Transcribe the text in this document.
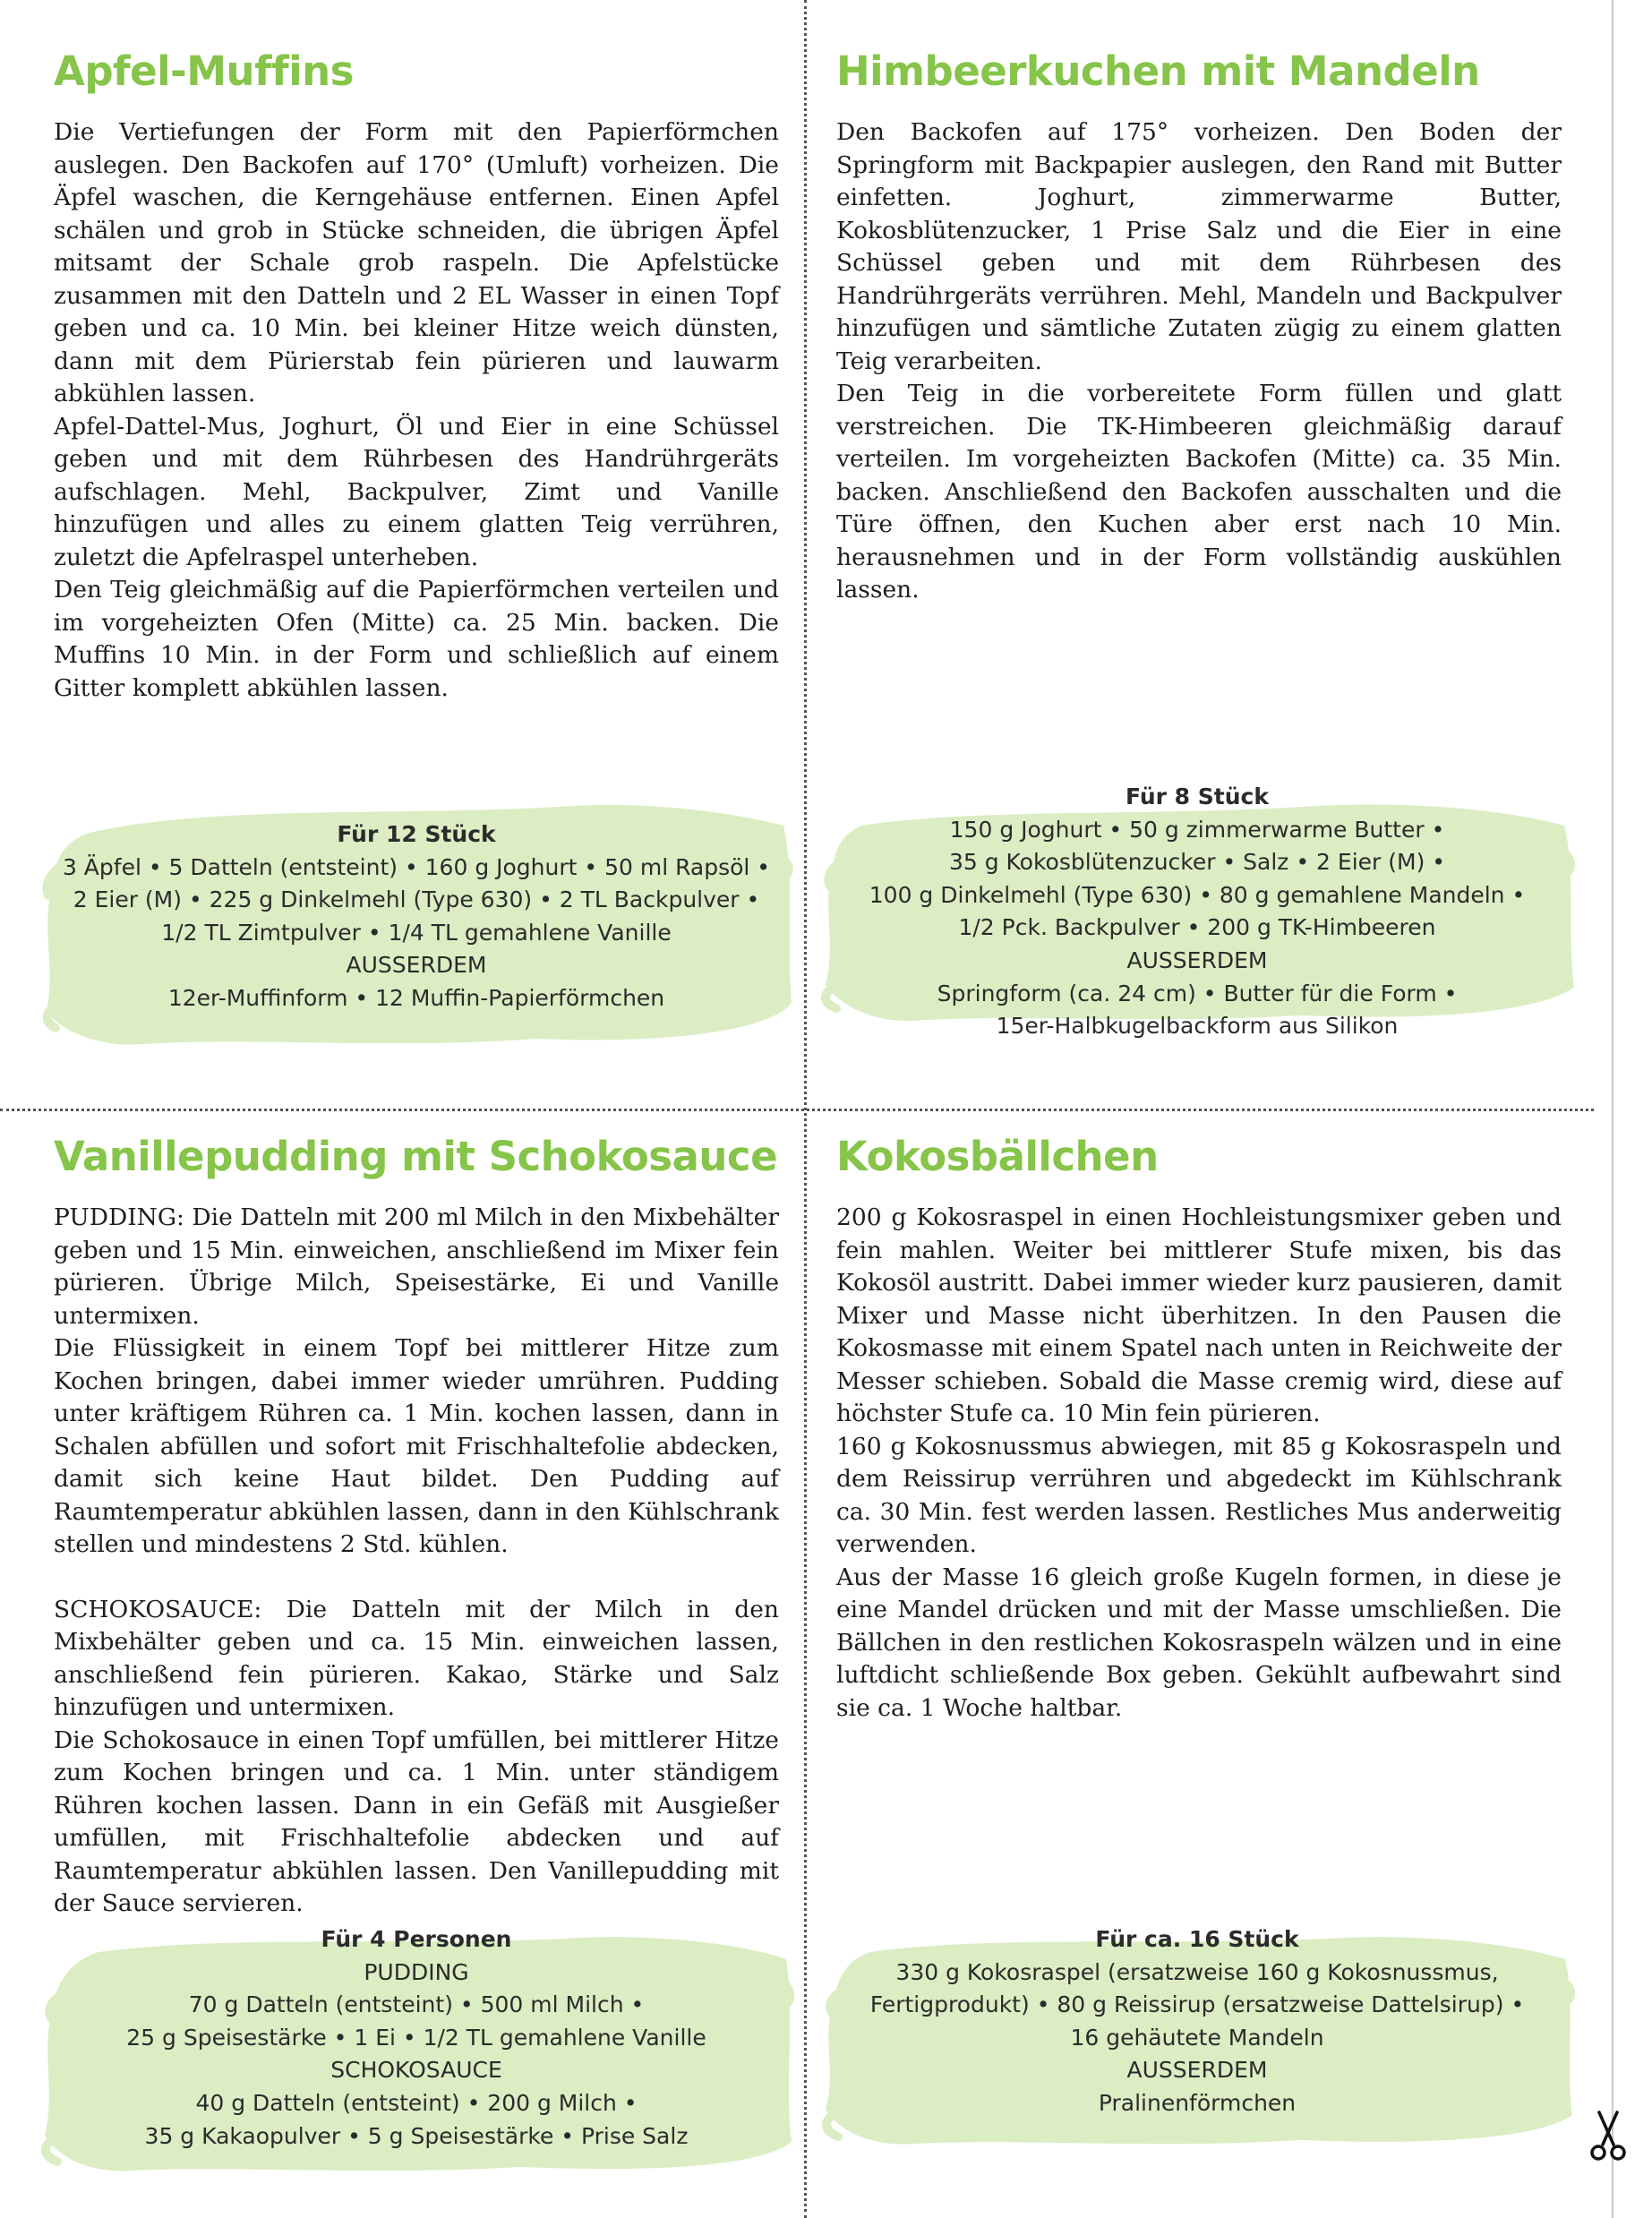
Apfel-Muffins

Die Vertiefungen der Form mit den Papierförmchen auslegen. Den Backofen auf 170° (Umluft) vorheizen. Die Äpfel waschen, die Kerngehäuse entfernen. Einen Apfel schälen und grob in Stücke schneiden, die übrigen Äpfel mitsamt der Schale grob raspeln. Die Apfelstücke zusammen mit den Datteln und 2 EL Wasser in einen Topf geben und ca. 10 Min. bei kleiner Hitze weich dünsten, dann mit dem Pürierstab fein pürieren und lauwarm abkühlen lassen.

Apfel-Dattel-Mus, Joghurt, Öl und Eier in eine Schüssel geben und mit dem Rührbesen des Handrührgeräts aufschlagen. Mehl, Backpulver, Zimt und Vanille hinzufügen und alles zu einem glatten Teig verrühren, zuletzt die Apfelraspel unterheben.

Den Teig gleichmäßig auf die Papierförmchen verteilen und im vorgeheizten Ofen (Mitte) ca. 25 Min. backen. Die Muffins 10 Min. in der Form und schließlich auf einem Gitter komplett abkühlen lassen.

Himbeerkuchen mit Mandeln

Den Backofen auf 175° vorheizen. Den Boden der Springform mit Backpapier auslegen, den Rand mit Butter einfetten. Joghurt, zimmerwarme Butter, Kokosblütenzucker, 1 Prise Salz und die Eier in eine Schüssel geben und mit dem Rührbesen des Handrührgeräts verrühren. Mehl, Mandeln und Backpulver hinzufügen und sämtliche Zutaten zügig zu einem glatten Teig verarbeiten.

Den Teig in die vorbereitete Form füllen und glatt verstreichen. Die TK-Himbeeren gleichmäßig darauf verteilen. Im vorgeheizten Backofen (Mitte) ca. 35 Min. backen. Anschließend den Backofen ausschalten und die Türe öffnen, den Kuchen aber erst nach 10 Min. herausnehmen und in der Form vollständig auskühlen lassen.

Vanillepudding mit Schokosauce

PUDDING: Die Datteln mit 200 ml Milch in den Mixbehälter geben und 15 Min. einweichen, anschließend im Mixer fein pürieren. Übrige Milch, Speisestärke, Ei und Vanille untermixen.

Die Flüssigkeit in einem Topf bei mittlerer Hitze zum Kochen bringen, dabei immer wieder umrühren. Pudding unter kräftigem Rühren ca. 1 Min. kochen lassen, dann in Schalen abfüllen und sofort mit Frischhaltefolie abdecken, damit sich keine Haut bildet. Den Pudding auf Raumtemperatur abkühlen lassen, dann in den Kühlschrank stellen und mindestens 2 Std. kühlen.

SCHOKOSAUCE: Die Datteln mit der Milch in den Mixbehälter geben und ca. 15 Min. einweichen lassen, anschließend fein pürieren. Kakao, Stärke und Salz hinzufügen und untermixen.

Die Schokosauce in einen Topf umfüllen, bei mittlerer Hitze zum Kochen bringen und ca. 1 Min. unter ständigem Rühren kochen lassen. Dann in ein Gefäß mit Ausgießer umfüllen, mit Frischhaltefolie abdecken und auf Raumtemperatur abkühlen lassen. Den Vanillepudding mit der Sauce servieren.

Kokosbällchen

200 g Kokosraspel in einen Hochleistungsmixer geben und fein mahlen. Weiter bei mittlerer Stufe mixen, bis das Kokosöl austritt. Dabei immer wieder kurz pausieren, damit Mixer und Masse nicht überhitzen. In den Pausen die Kokosmasse mit einem Spatel nach unten in Reichweite der Messer schieben. Sobald die Masse cremig wird, diese auf höchster Stufe ca. 10 Min fein pürieren.

160 g Kokosnussmus abwiegen, mit 85 g Kokosraspeln und dem Reissirup verrühren und abgedeckt im Kühlschrank ca. 30 Min. fest werden lassen. Restliches Mus anderweitig verwenden.

Aus der Masse 16 gleich große Kugeln formen, in diese je eine Mandel drücken und mit der Masse umschließen. Die Bällchen in den restlichen Kokosraspeln wälzen und in eine luftdicht schließende Box geben. Gekühlt aufbewahrt sind sie ca. 1 Woche haltbar.

Für 12 Stück
3 Äpfel • 5 Datteln (entsteint) • 160 g Joghurt • 50 ml Rapsöl •
2 Eier (M) • 225 g Dinkelmehl (Type 630) • 2 TL Backpulver •
1/2 TL Zimtpulver • 1/4 TL gemahlene Vanille
AUSSERDEM
12er-Muffinform • 12 Muffin-Papierförmchen
Für 8 Stück
150 g Joghurt • 50 g zimmerwarme Butter •
35 g Kokosblütenzucker • Salz • 2 Eier (M) •
100 g Dinkelmehl (Type 630) • 80 g gemahlene Mandeln •
1/2 Pck. Backpulver • 200 g TK-Himbeeren
AUSSERDEM
Springform (ca. 24 cm) • Butter für die Form •
15er-Halbkugelbackform aus Silikon
Für 4 Personen
PUDDING
70 g Datteln (entsteint) • 500 ml Milch •
25 g Speisestärke • 1 Ei • 1/2 TL gemahlene Vanille
SCHOKOSAUCE
40 g Datteln (entsteint) • 200 g Milch •
35 g Kakaopulver • 5 g Speisestärke • Prise Salz
Für ca. 16 Stück
330 g Kokosraspel (ersatzweise 160 g Kokosnussmus,
Fertigprodukt) • 80 g Reissirup (ersatzweise Dattelsirup) •
16 gehäutete Mandeln
AUSSERDEM
Pralinenförmchen
